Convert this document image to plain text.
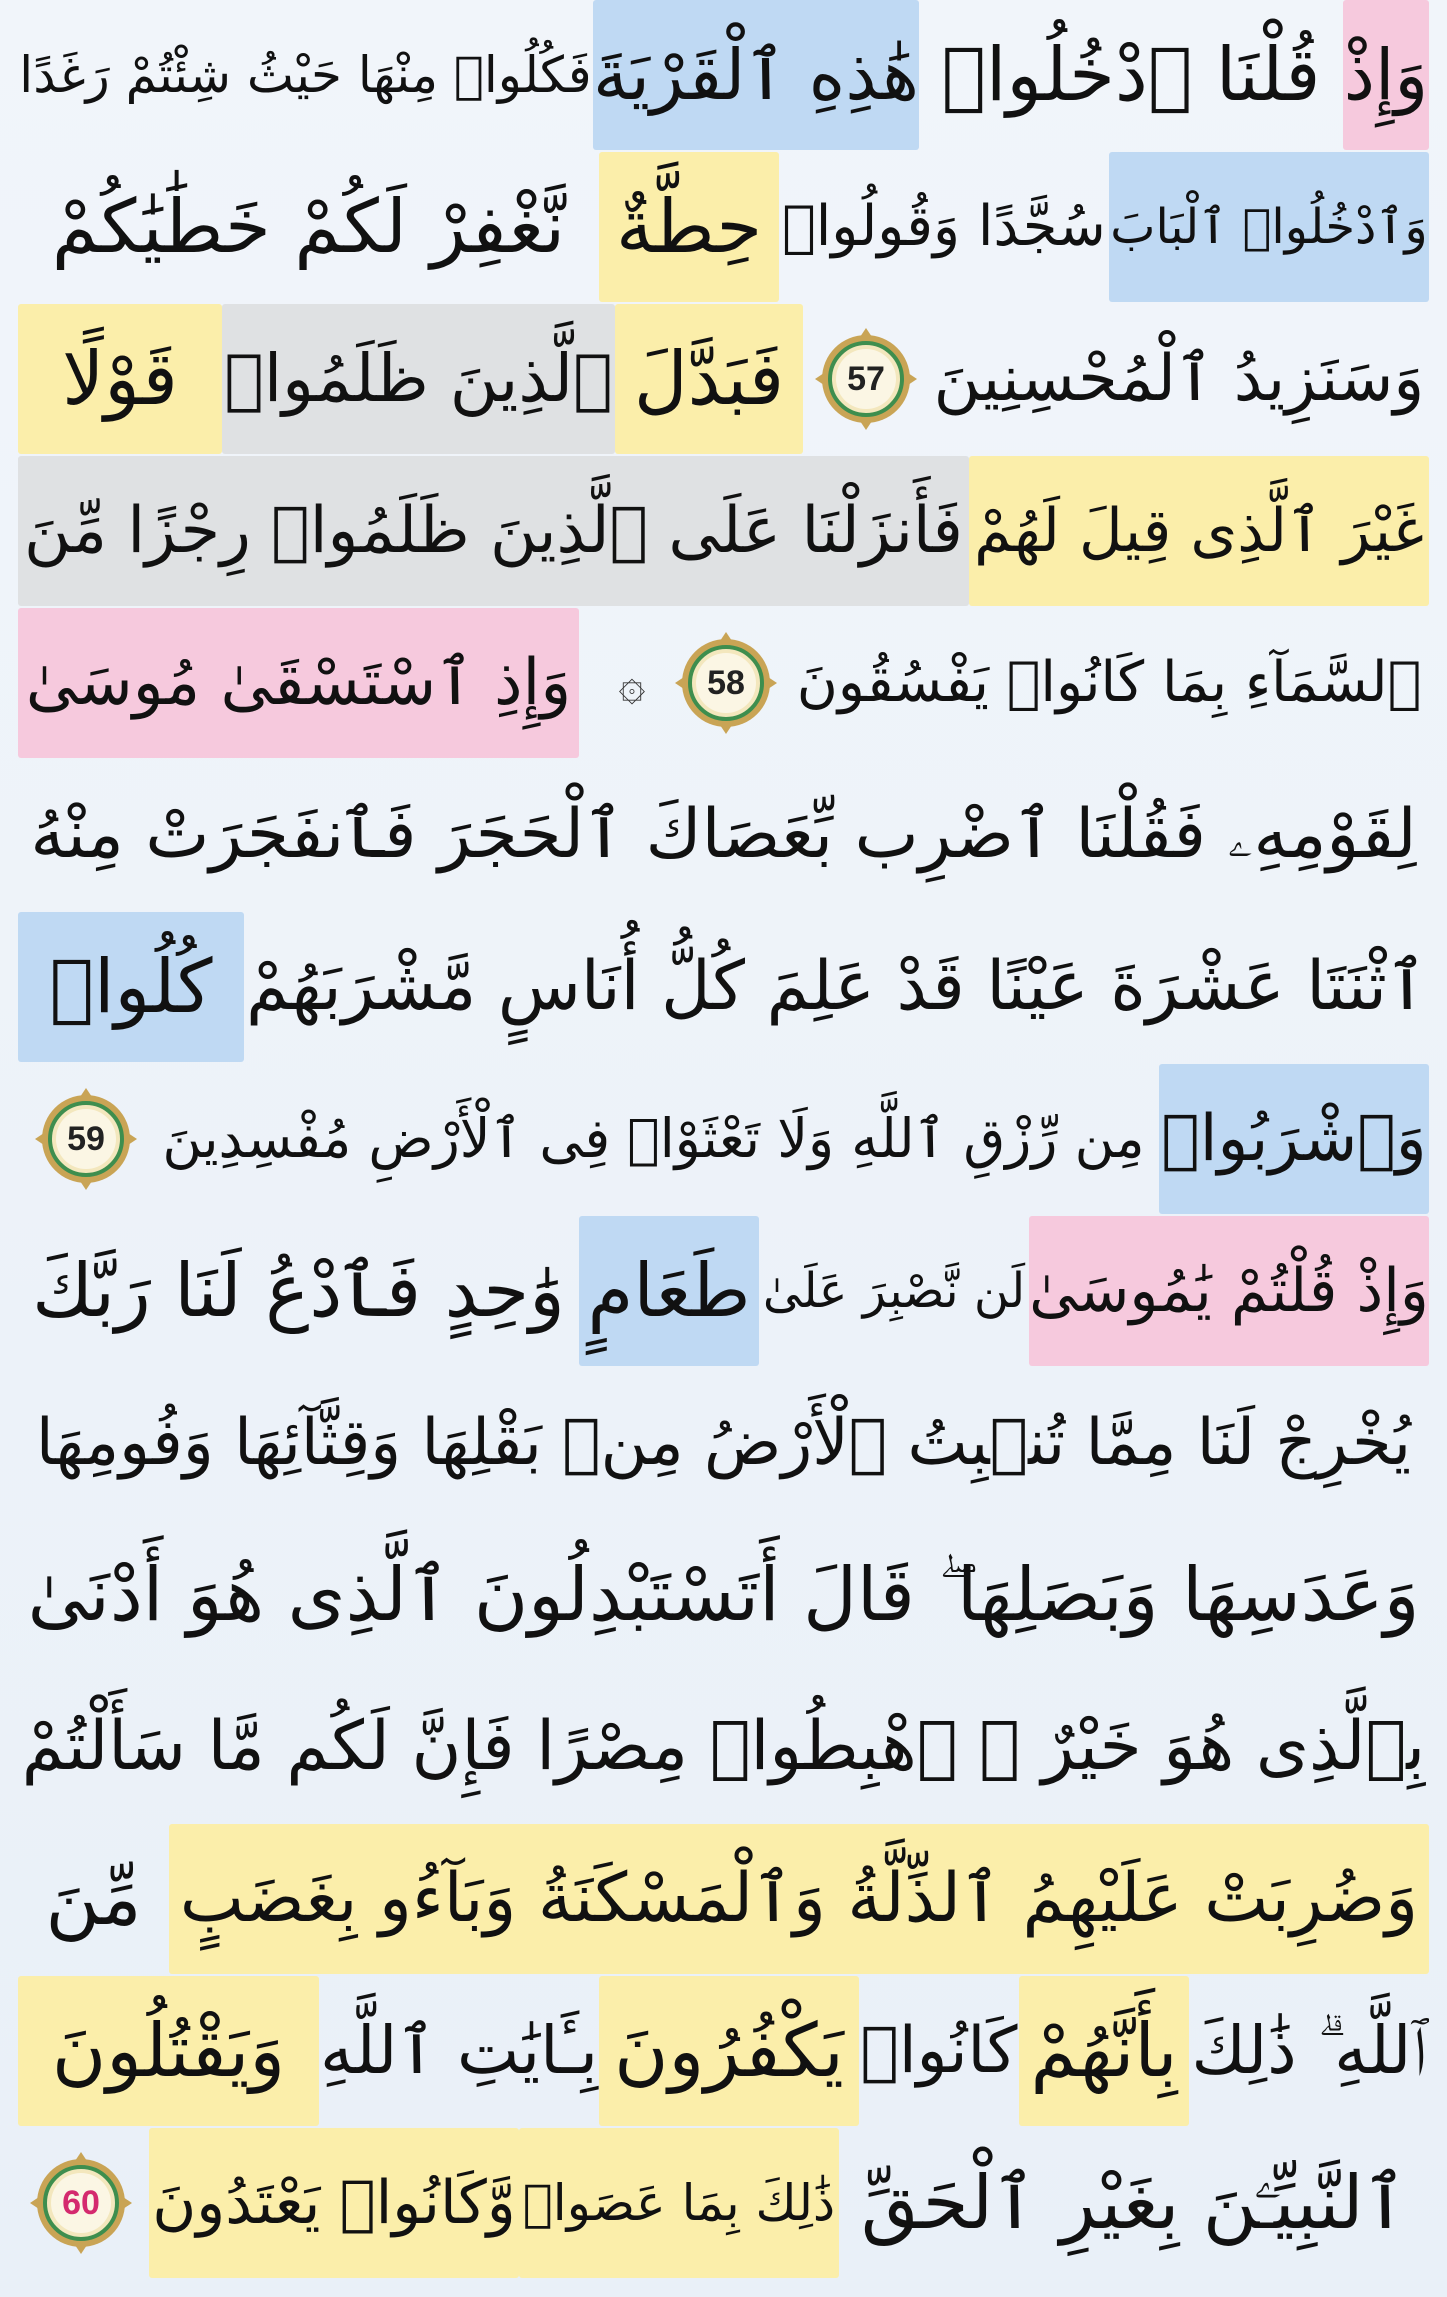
وَإِذْ
قُلْنَا ٱدْخُلُوا۟
هَٰذِهِ ٱلْقَرْيَةَ
فَكُلُوا۟ مِنْهَا حَيْثُ شِئْتُمْ رَغَدًا
وَٱدْخُلُوا۟ ٱلْبَابَ
سُجَّدًا وَقُولُوا۟
حِطَّةٌ
نَّغْفِرْ لَكُمْ خَطَٰيَٰكُمْ
وَسَنَزِيدُ ٱلْمُحْسِنِينَ
57
فَبَدَّلَ
ٱلَّذِينَ ظَلَمُوا۟
قَوْلًا
غَيْرَ ٱلَّذِى قِيلَ لَهُمْ
فَأَنزَلْنَا عَلَى ٱلَّذِينَ ظَلَمُوا۟ رِجْزًا مِّنَ
ٱلسَّمَآءِ بِمَا كَانُوا۟ يَفْسُقُونَ
58
۞
وَإِذِ ٱسْتَسْقَىٰ مُوسَىٰ
لِقَوْمِهِۦ فَقُلْنَا ٱضْرِب بِّعَصَاكَ ٱلْحَجَرَ فَٱنفَجَرَتْ مِنْهُ
ٱثْنَتَا عَشْرَةَ عَيْنًا قَدْ عَلِمَ كُلُّ أُنَاسٍ مَّشْرَبَهُمْ
كُلُوا۟
وَٱشْرَبُوا۟
مِن رِّزْقِ ٱللَّهِ وَلَا تَعْثَوْا۟ فِى ٱلْأَرْضِ مُفْسِدِينَ
59
وَإِذْ قُلْتُمْ يَٰمُوسَىٰ
لَن نَّصْبِرَ عَلَىٰ
طَعَامٍ
وَٰحِدٍ فَٱدْعُ لَنَا رَبَّكَ
يُخْرِجْ لَنَا مِمَّا تُنۢبِتُ ٱلْأَرْضُ مِنۢ بَقْلِهَا وَقِثَّآئِهَا وَفُومِهَا
وَعَدَسِهَا وَبَصَلِهَا ۖ قَالَ أَتَسْتَبْدِلُونَ ٱلَّذِى هُوَ أَدْنَىٰ
بِٱلَّذِى هُوَ خَيْرٌ ۚ ٱهْبِطُوا۟ مِصْرًا فَإِنَّ لَكُم مَّا سَأَلْتُمْ
وَضُرِبَتْ عَلَيْهِمُ ٱلذِّلَّةُ وَٱلْمَسْكَنَةُ وَبَآءُو بِغَضَبٍ
مِّنَ
ٱللَّهِ ۗ ذَٰلِكَ
بِأَنَّهُمْ
كَانُوا۟
يَكْفُرُونَ
بِـَٔايَٰتِ ٱللَّهِ
وَيَقْتُلُونَ
ٱلنَّبِيِّـۧنَ بِغَيْرِ ٱلْحَقِّ
ذَٰلِكَ بِمَا عَصَوا۟
وَّكَانُوا۟ يَعْتَدُونَ
60
